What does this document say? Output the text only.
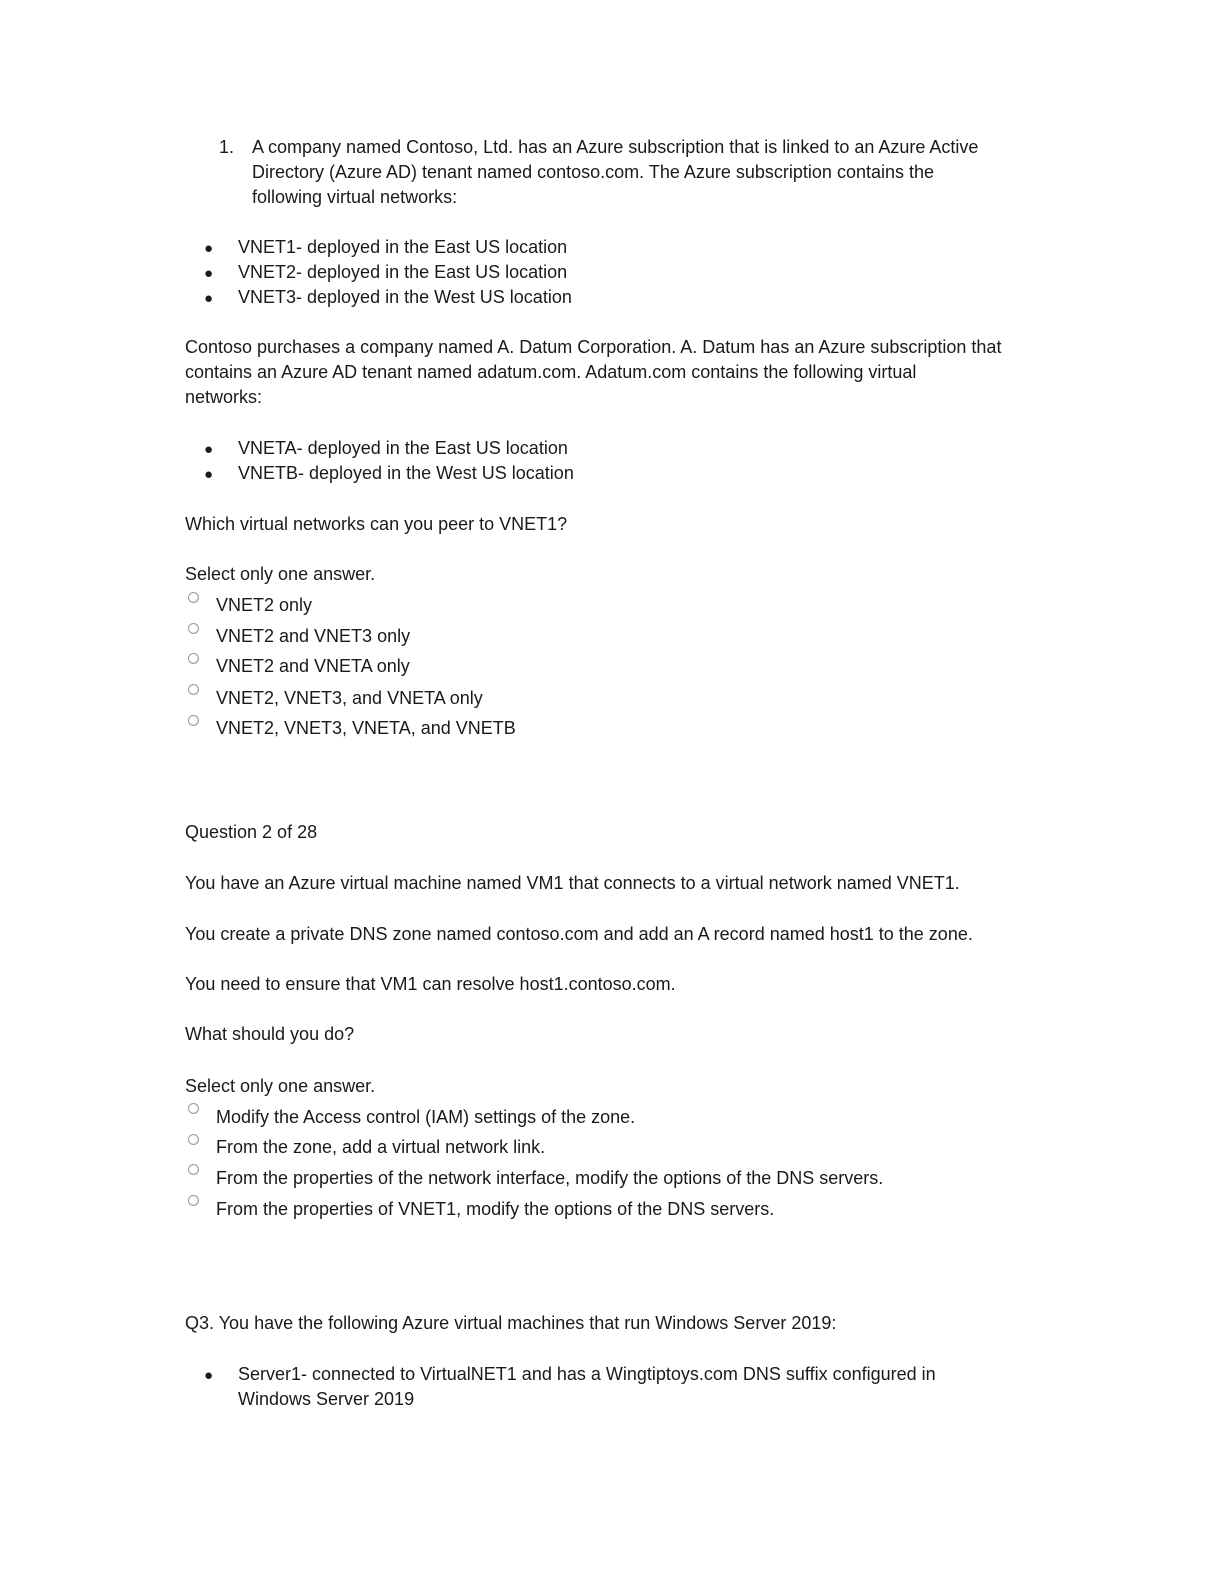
1. A company named Contoso, Ltd. has an Azure subscription that is linked to an Azure Active
Directory (Azure AD) tenant named contoso.com. The Azure subscription contains the
following virtual networks:
● VNET1- deployed in the East US location
● VNET2- deployed in the East US location
● VNET3- deployed in the West US location
Contoso purchases a company named A. Datum Corporation. A. Datum has an Azure subscription that
contains an Azure AD tenant named adatum.com. Adatum.com contains the following virtual
networks:
● VNETA- deployed in the East US location
● VNETB- deployed in the West US location
Which virtual networks can you peer to VNET1?
Select only one answer.
VNET2 only
VNET2 and VNET3 only
VNET2 and VNETA only
VNET2, VNET3, and VNETA only
VNET2, VNET3, VNETA, and VNETB
Question 2 of 28
You have an Azure virtual machine named VM1 that connects to a virtual network named VNET1.
You create a private DNS zone named contoso.com and add an A record named host1 to the zone.
You need to ensure that VM1 can resolve host1.contoso.com.
What should you do?
Select only one answer.
Modify the Access control (IAM) settings of the zone.
From the zone, add a virtual network link.
From the properties of the network interface, modify the options of the DNS servers.
From the properties of VNET1, modify the options of the DNS servers.
Q3. You have the following Azure virtual machines that run Windows Server 2019:
● Server1- connected to VirtualNET1 and has a Wingtiptoys.com DNS suffix configured in
Windows Server 2019
